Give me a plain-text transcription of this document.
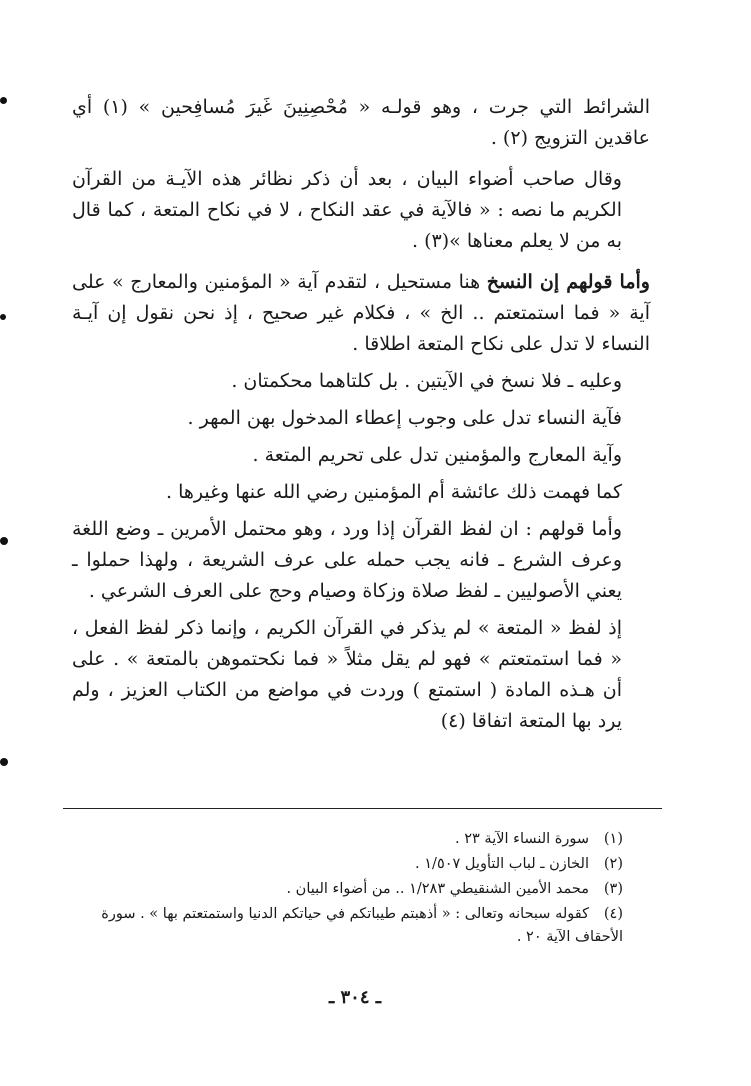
الشرائط التي جرت ، وهو قولـه « مُحْصِنِينَ غَيرَ مُسافِحين » (١) أي عاقدين التزويج (٢) .

وقال صاحب أضواء البيان ، بعد أن ذكر نظائر هذه الآيـة من القرآن الكريم ما نصه : « فالآية في عقد النكاح ، لا في نكاح المتعة ، كما قال به من لا يعلم معناها »(٣) .

وأما قولهم إن النسخ هنا مستحيل ، لتقدم آية « المؤمنين والمعارج » على آية « فما استمتعتم .. الخ » ، فكلام غير صحيح ، إذ نحن نقول إن آيـة النساء لا تدل على نكاح المتعة اطلاقا .

وعليه ـ فلا نسخ في الآيتين . بل كلتاهما محكمتان .

فآية النساء تدل على وجوب إعطاء المدخول بهن المهر .

وآية المعارج والمؤمنين تدل على تحريم المتعة .

كما فهمت ذلك عائشة أم المؤمنين رضي الله عنها وغيرها .

وأما قولهم : ان لفظ القرآن إذا ورد ، وهو محتمل الأمرين ـ وضع اللغة وعرف الشرع ـ فانه يجب حمله على عرف الشريعة ، ولهذا حملوا ـ يعني الأصوليين ـ لفظ صلاة وزكاة وصيام وحج على العرف الشرعي .

إذ لفظ « المتعة » لم يذكر في القرآن الكريم ، وإنما ذكر لفظ الفعل ، « فما استمتعتم » فهو لم يقل مثلاً « فما نكحتموهن بالمتعة » . على أن هـذه المادة ( استمتع ) وردت في مواضع من الكتاب العزيز ، ولم يرد بها المتعة اتفاقا (٤)

(١)سورة النساء الآية ٢٣ .
(٢)الخازن ـ لباب التأويل ١/٥٠٧ .
(٣)محمد الأمين الشنقيطي ١/٢٨٣ .. من أضواء البيان .
(٤)كقوله سبحانه وتعالى : « أذهبتم طيباتكم في حياتكم الدنيا واستمتعتم بها » . سورة الأحقاف الآية ٢٠ .
ـ ٣٠٤ ـ
